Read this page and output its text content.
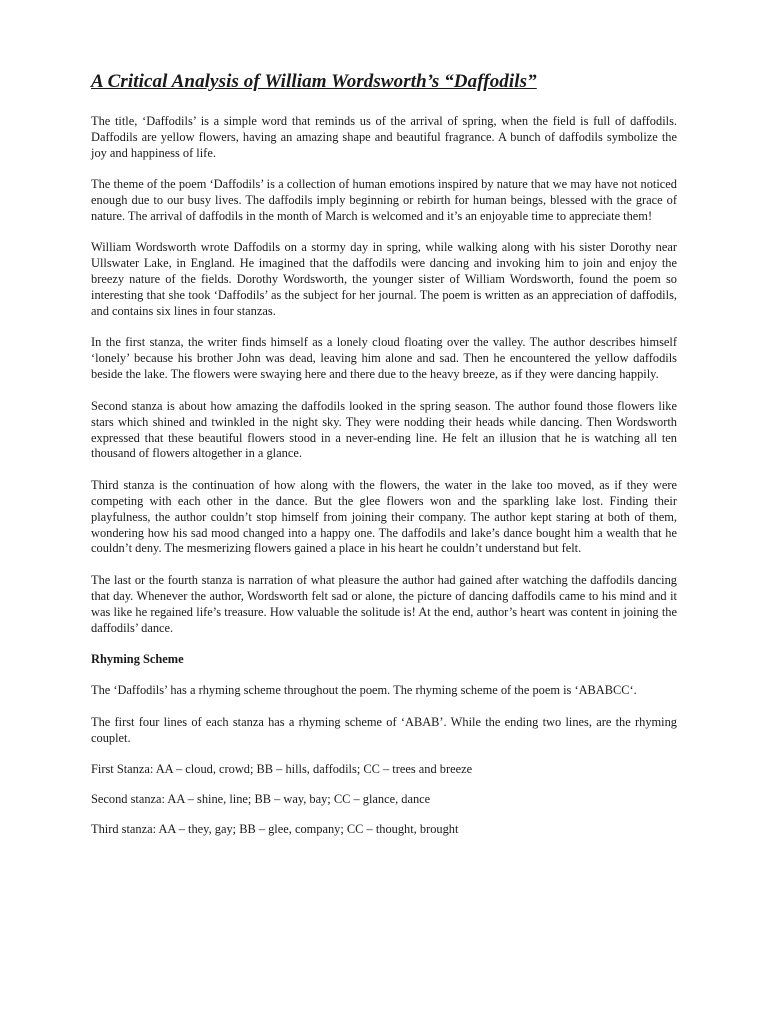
A Critical Analysis of William Wordsworth’s “Daffodils”

The title, ‘Daffodils’ is a simple word that reminds us of the arrival of spring, when the field is full of daffodils. Daffodils are yellow flowers, having an amazing shape and beautiful fragrance. A bunch of daffodils symbolize the joy and happiness of life.

The theme of the poem ‘Daffodils’ is a collection of human emotions inspired by nature that we may have not noticed enough due to our busy lives. The daffodils imply beginning or rebirth for human beings, blessed with the grace of nature. The arrival of daffodils in the month of March is welcomed and it’s an enjoyable time to appreciate them!

William Wordsworth wrote Daffodils on a stormy day in spring, while walking along with his sister Dorothy near Ullswater Lake, in England. He imagined that the daffodils were dancing and invoking him to join and enjoy the breezy nature of the fields. Dorothy Wordsworth, the younger sister of William Wordsworth, found the poem so interesting that she took ‘Daffodils’ as the subject for her journal. The poem is written as an appreciation of daffodils, and contains six lines in four stanzas.

In the first stanza, the writer finds himself as a lonely cloud floating over the valley. The author describes himself ‘lonely’ because his brother John was dead, leaving him alone and sad. Then he encountered the yellow daffodils beside the lake. The flowers were swaying here and there due to the heavy breeze, as if they were dancing happily.

Second stanza is about how amazing the daffodils looked in the spring season. The author found those flowers like stars which shined and twinkled in the night sky. They were nodding their heads while dancing. Then Wordsworth expressed that these beautiful flowers stood in a never-ending line. He felt an illusion that he is watching all ten thousand of flowers altogether in a glance.

Third stanza is the continuation of how along with the flowers, the water in the lake too moved, as if they were competing with each other in the dance. But the glee flowers won and the sparkling lake lost. Finding their playfulness, the author couldn’t stop himself from joining their company. The author kept staring at both of them, wondering how his sad mood changed into a happy one. The daffodils and lake’s dance bought him a wealth that he couldn’t deny. The mesmerizing flowers gained a place in his heart he couldn’t understand but felt.

The last or the fourth stanza is narration of what pleasure the author had gained after watching the daffodils dancing that day. Whenever the author, Wordsworth felt sad or alone, the picture of dancing daffodils came to his mind and it was like he regained life’s treasure. How valuable the solitude is! At the end, author’s heart was content in joining the daffodils’ dance.

Rhyming Scheme

The ‘Daffodils’ has a rhyming scheme throughout the poem. The rhyming scheme of the poem is ‘ABABCC‘.

The first four lines of each stanza has a rhyming scheme of ‘ABAB’. While the ending two lines, are the rhyming couplet.

First Stanza: AA – cloud, crowd; BB – hills, daffodils; CC – trees and breeze
Second stanza: AA – shine, line; BB – way, bay; CC – glance, dance
Third stanza: AA – they, gay; BB – glee, company; CC – thought, brought
